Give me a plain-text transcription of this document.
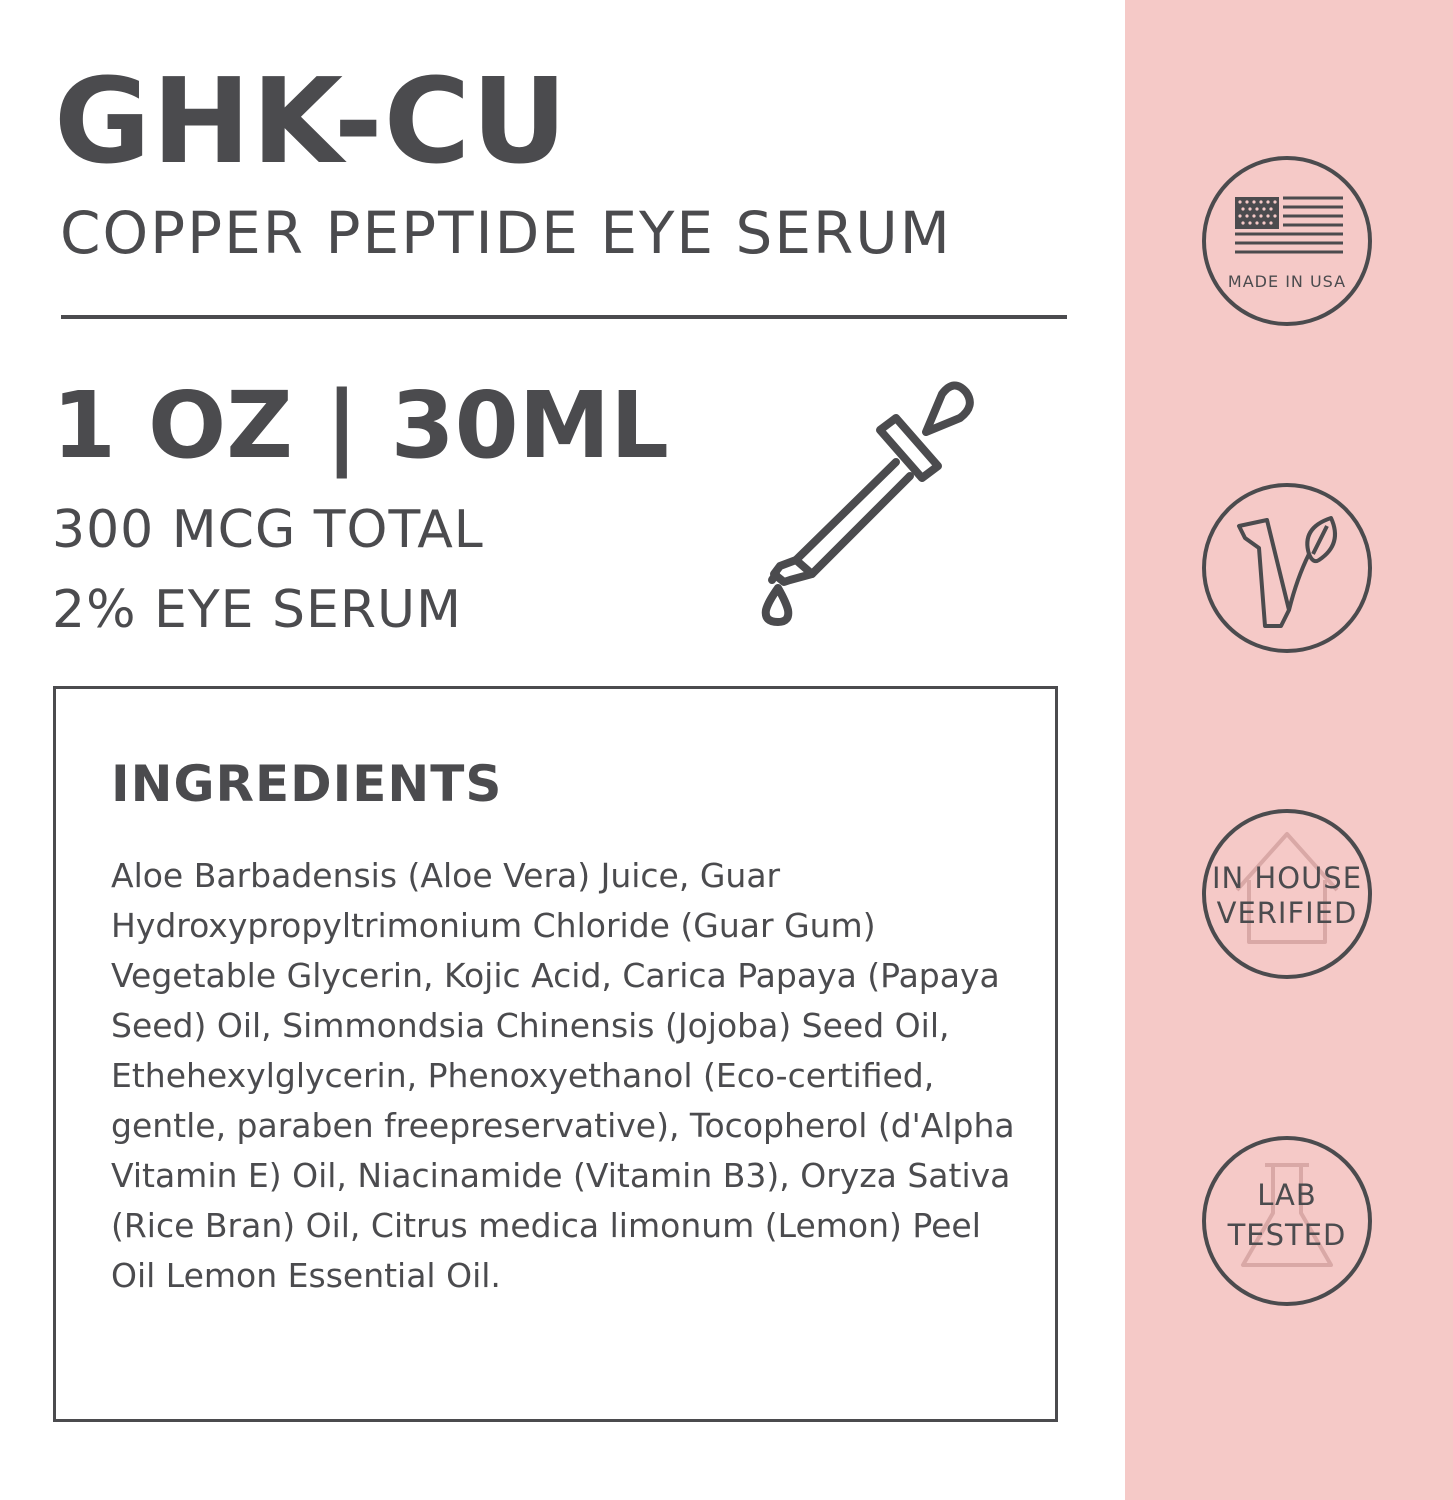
GHK-CU
COPPER PEPTIDE EYE SERUM
1 OZ | 30ML
300 MCG TOTAL
2% EYE SERUM
INGREDIENTS
Aloe Barbadensis (Aloe Vera) Juice, Guar Hydroxypropyltrimonium Chloride (Guar Gum) Vegetable Glycerin, Kojic Acid, Carica Papaya (Papaya Seed) Oil, Simmondsia Chinensis (Jojoba) Seed Oil, Ethehexylglycerin, Phenoxyethanol (Eco-certified, gentle, paraben freepreservative), Tocopherol (d'Alpha Vitamin E) Oil, Niacinamide (Vitamin B3), Oryza Sativa (Rice Bran) Oil, Citrus medica limonum (Lemon) Peel Oil Lemon Essential Oil.
MADE IN USA
IN HOUSE
VERIFIED
LAB
TESTED
